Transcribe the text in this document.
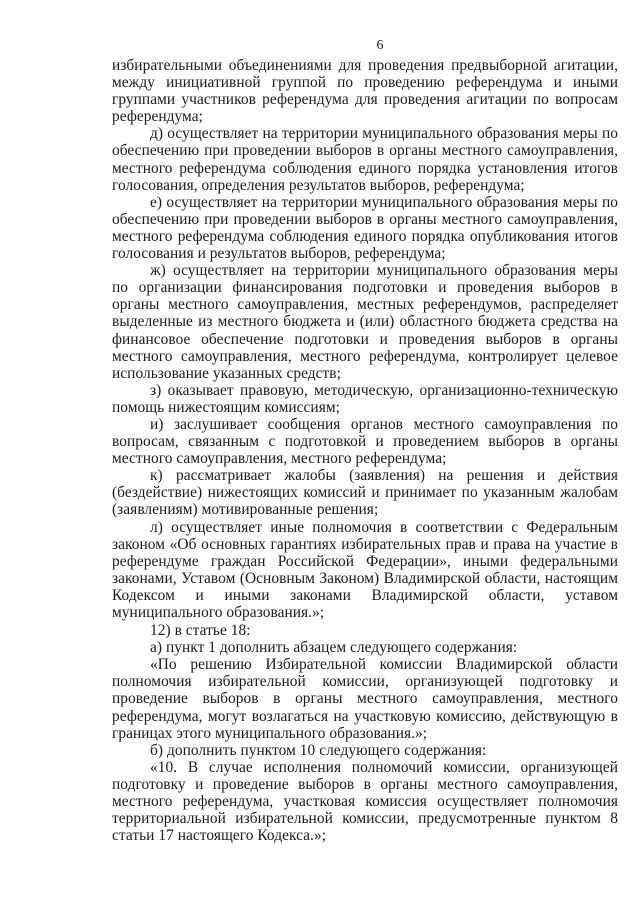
6

избирательными объединениями для проведения предвыборной агитации, между инициативной группой по проведению референдума и иными группами участников референдума для проведения агитации по вопросам референдума;

д) осуществляет на территории муниципального образования меры по обеспечению при проведении выборов в органы местного самоуправления, местного референдума соблюдения единого порядка установления итогов голосования, определения результатов выборов, референдума;

е) осуществляет на территории муниципального образования меры по обеспечению при проведении выборов в органы местного самоуправления, местного референдума соблюдения единого порядка опубликования итогов голосования и результатов выборов, референдума;

ж) осуществляет на территории муниципального образования меры по организации финансирования подготовки и проведения выборов в органы местного самоуправления, местных референдумов, распределяет выделенные из местного бюджета и (или) областного бюджета средства на финансовое обеспечение подготовки и проведения выборов в органы местного самоуправления, местного референдума, контролирует целевое использование указанных средств;

з) оказывает правовую, методическую, организационно-техническую помощь нижестоящим комиссиям;

и) заслушивает сообщения органов местного самоуправления по вопросам, связанным с подготовкой и проведением выборов в органы местного самоуправления, местного референдума;

к) рассматривает жалобы (заявления) на решения и действия (бездействие) нижестоящих комиссий и принимает по указанным жалобам (заявлениям) мотивированные решения;

л) осуществляет иные полномочия в соответствии с Федеральным законом «Об основных гарантиях избирательных прав и права на участие в референдуме граждан Российской Федерации», иными федеральными законами, Уставом (Основным Законом) Владимирской области, настоящим Кодексом и иными законами Владимирской области, уставом муниципального образования.»;

12) в статье 18:

а) пункт 1 дополнить абзацем следующего содержания:

«По решению Избирательной комиссии Владимирской области полномочия избирательной комиссии, организующей подготовку и проведение выборов в органы местного самоуправления, местного референдума, могут возлагаться на участковую комиссию, действующую в границах этого муниципального образования.»;

б) дополнить пунктом 10 следующего содержания:

«10. В случае исполнения полномочий комиссии, организующей подготовку и проведение выборов в органы местного самоуправления, местного референдума, участковая комиссия осуществляет полномочия территориальной избирательной комиссии, предусмотренные пунктом 8 статьи 17 настоящего Кодекса.»;
